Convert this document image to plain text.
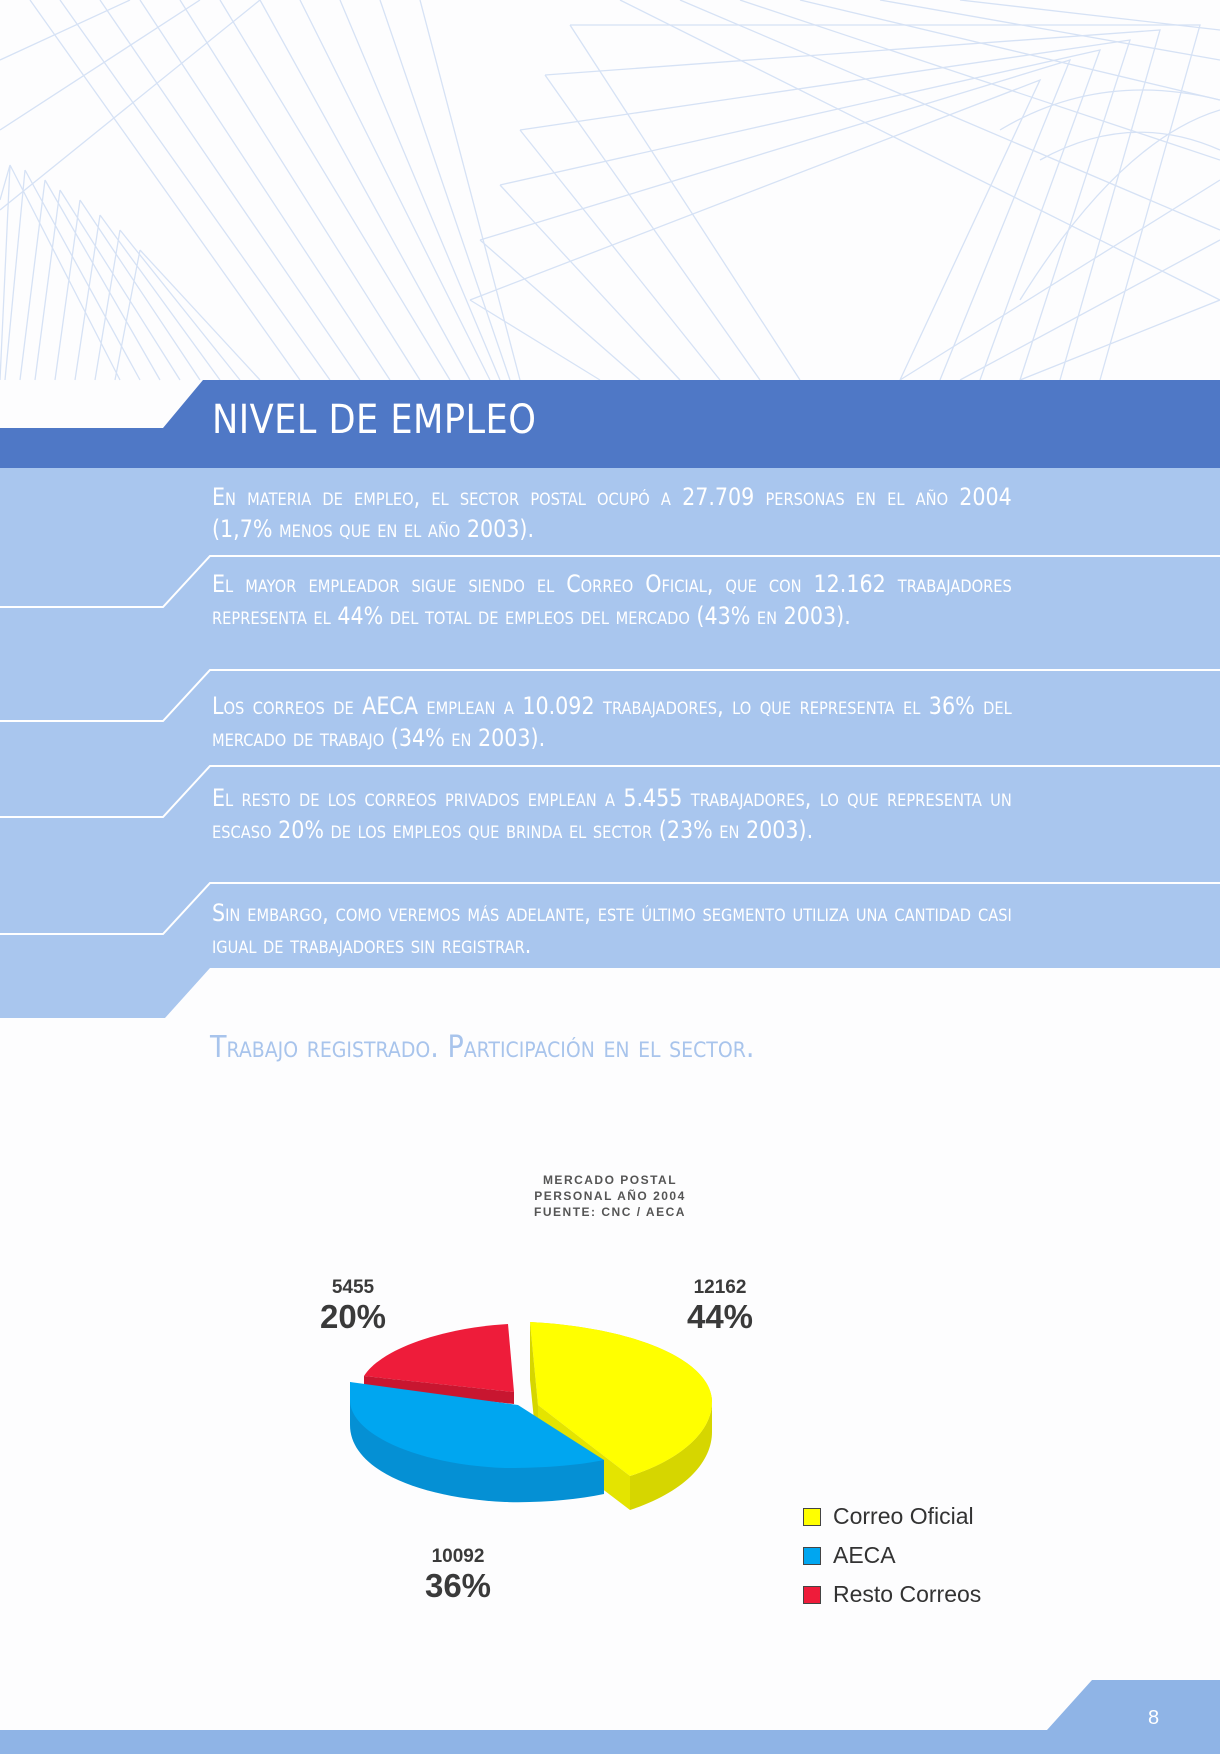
NIVEL DE EMPLEO
En materia de empleo, el sector postal ocupó a 27.709 personas en el año 2004 (1,7% menos que en el año 2003).
El mayor empleador sigue siendo el Correo Oficial, que con 12.162 trabajadores representa el 44% del total de empleos del mercado (43% en 2003).
Los correos de AECA emplean a 10.092 trabajadores, lo que representa el 36% del mercado de trabajo (34% en 2003).
El resto de los correos privados emplean a 5.455 trabajadores, lo que representa un escaso 20% de los empleos que brinda el sector (23% en 2003).
Sin embargo, como veremos más adelante, este último segmento utiliza una cantidad casi igual de trabajadores sin registrar.
Trabajo registrado. Participación en el sector.
MERCADO POSTAL
PERSONAL AÑO 2004
FUENTE: CNC / AECA
5455
20%
12162
44%
10092
36%
Correo Oficial
AECA
Resto Correos
8
